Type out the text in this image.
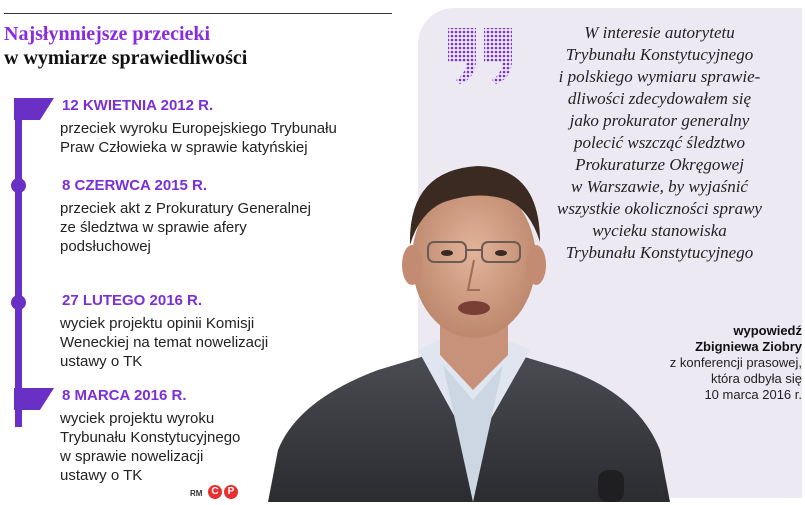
Najsłynniejsze przecieki
w wymiarze sprawiedliwości
12 KWIETNIA 2012 R.
przeciek wyroku Europejskiego Trybunału
Praw Człowieka w sprawie katyńskiej
8 CZERWCA 2015 R.
przeciek akt z Prokuratury Generalnej
ze śledztwa w sprawie afery
podsłuchowej
27 LUTEGO 2016 R.
wyciek projektu opinii Komisji
Weneckiej na temat nowelizacji
ustawy o TK
8 MARCA 2016 R.
wyciek projektu wyroku
Trybunału Konstytucyjnego
w sprawie nowelizacji
ustawy o TK
RM C P
W interesie autorytetu
Trybunału Konstytucyjnego
i polskiego wymiaru sprawie-
dliwości zdecydowałem się
jako prokurator generalny
polecić wszcząć śledztwo
Prokuraturze Okręgowej
w Warszawie, by wyjaśnić
wszystkie okoliczności sprawy
wycieku stanowiska
Trybunału Konstytucyjnego
PE
wypowiedź
Zbigniewa Ziobry
z konferencji prasowej,
która odbyła się
10 marca 2016 r.
